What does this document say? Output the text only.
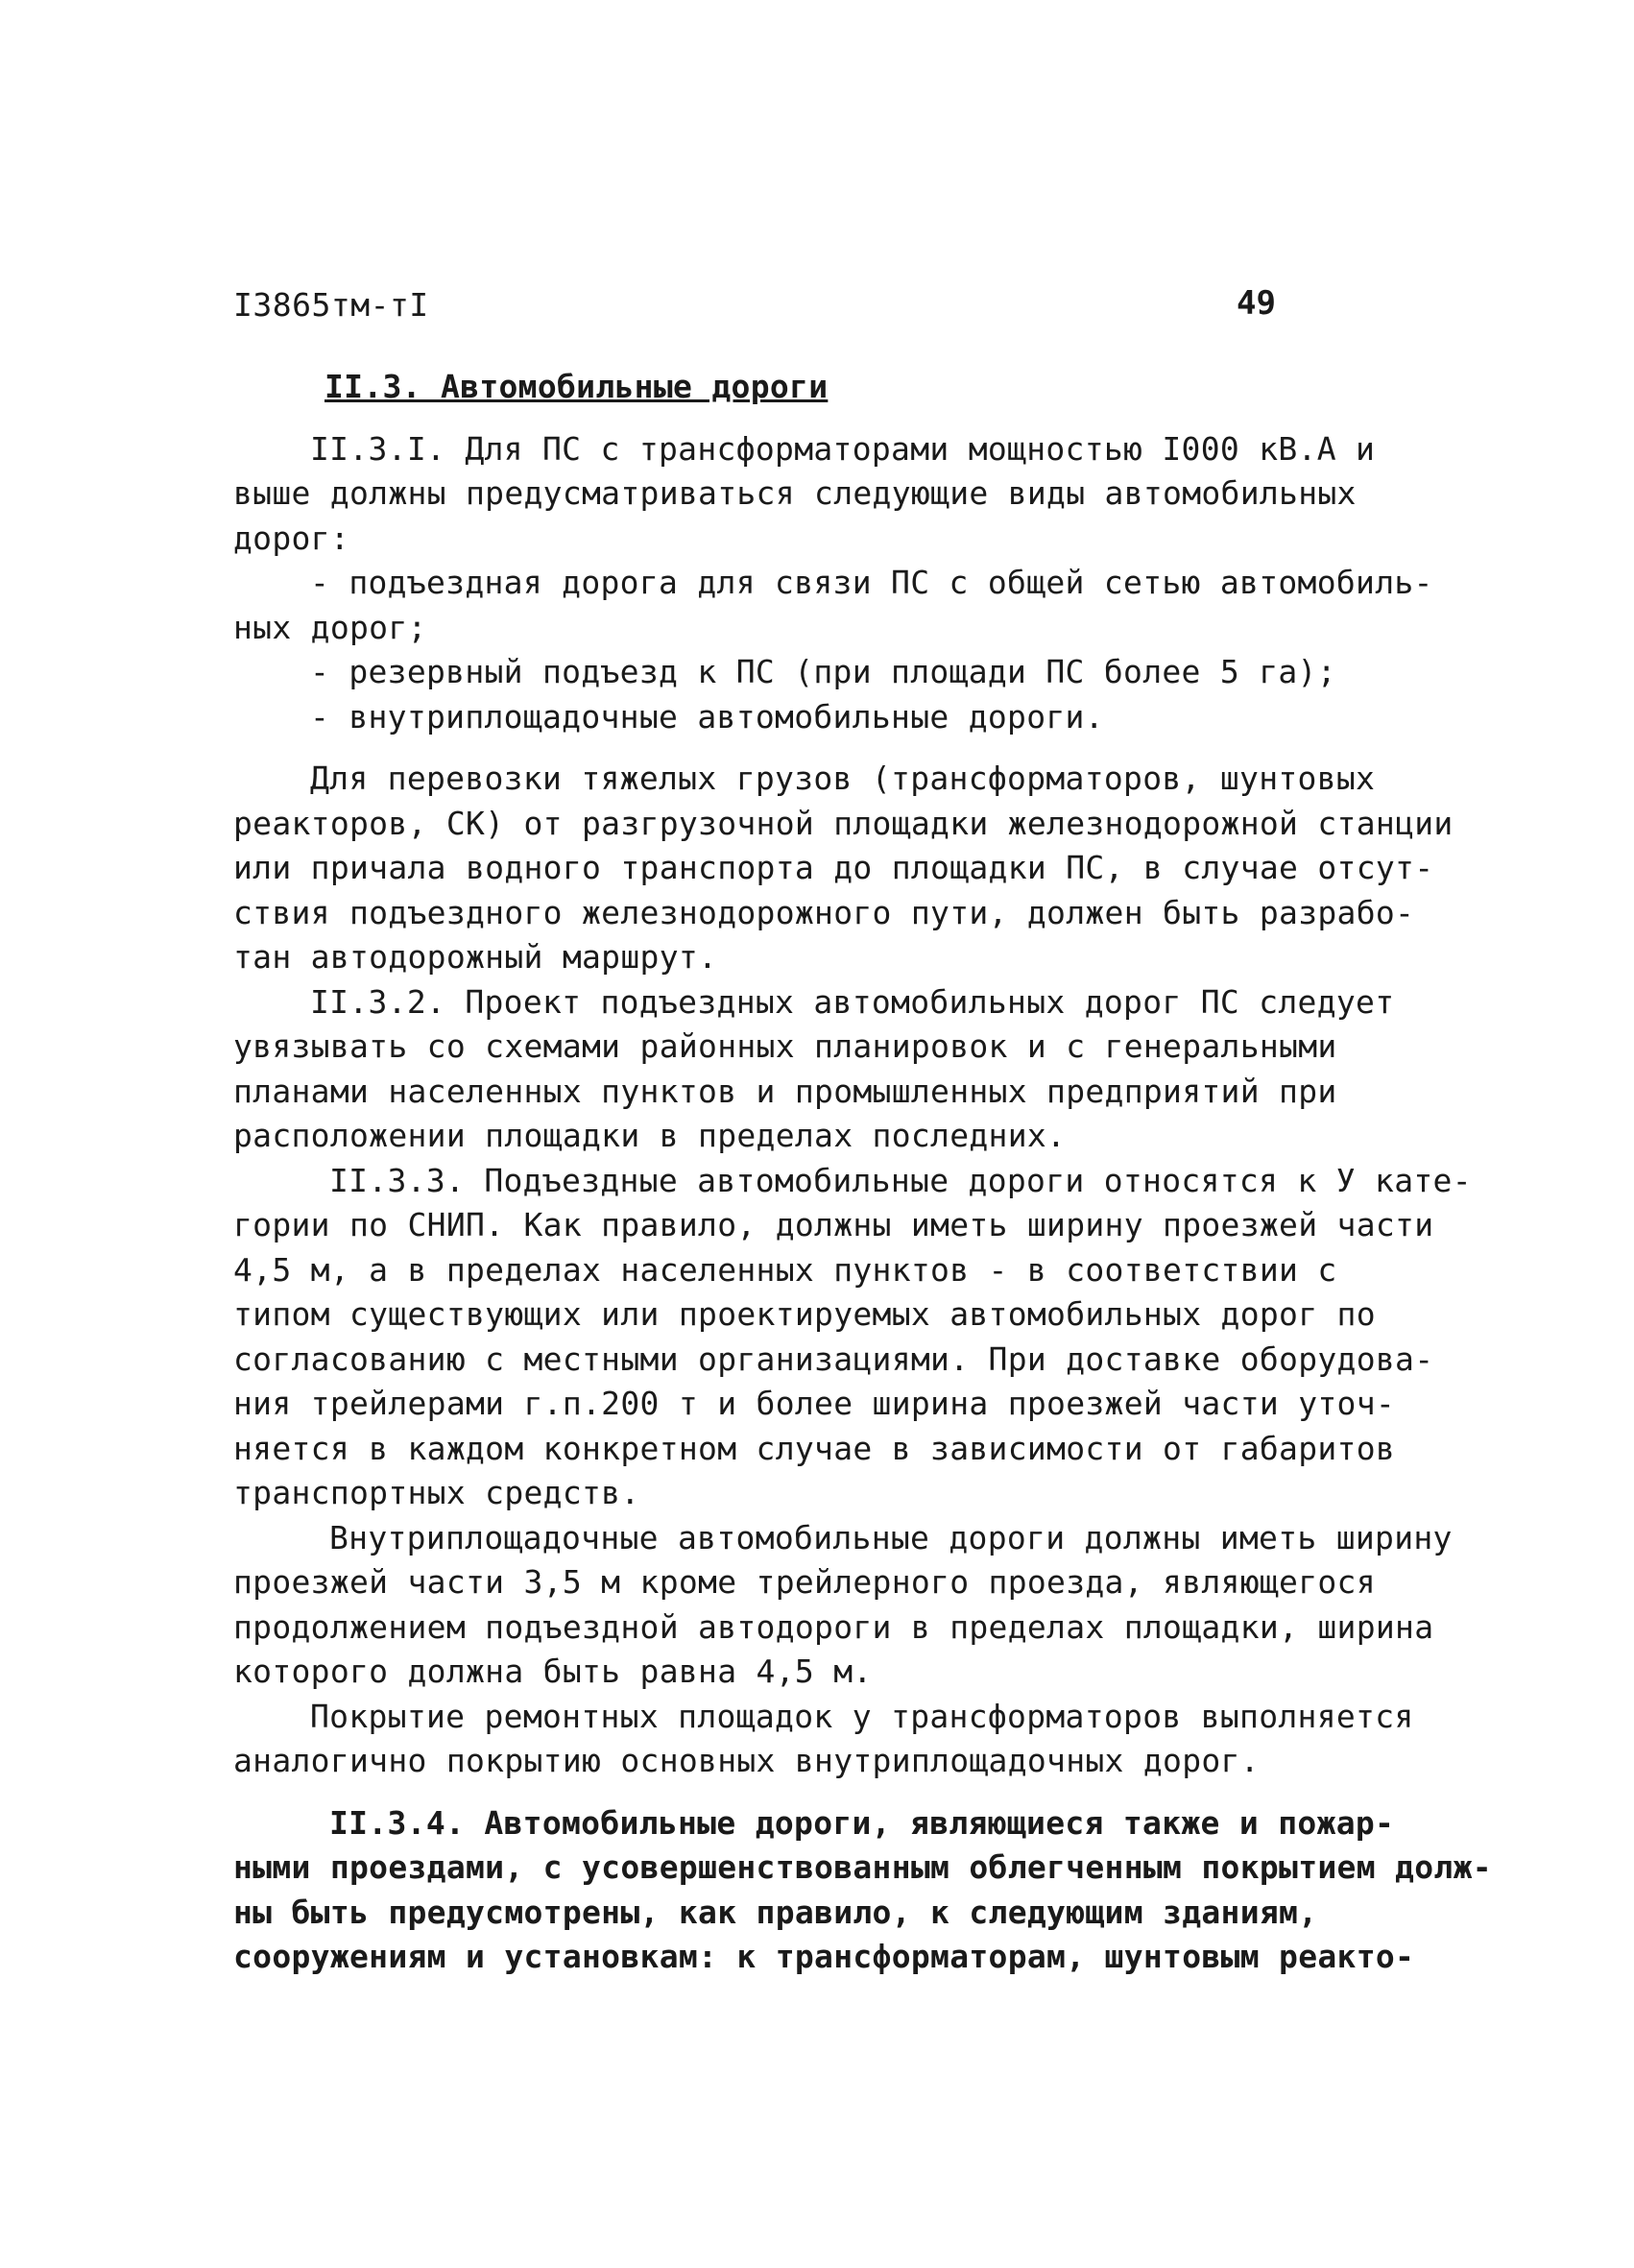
I3865тм-тI	49
II.3. Автомобильные дороги
II.3.I. Для ПС с трансформаторами мощностью I000 кВ.А и
выше должны предусматриваться следующие виды автомобильных
дорог:
- подъездная дорога для связи ПС с общей сетью автомобиль-
ных дорог;
- резервный подъезд к ПС (при площади ПС более 5 га);
- внутриплощадочные автомобильные дороги.
Для перевозки тяжелых грузов (трансформаторов, шунтовых
реакторов, СК) от разгрузочной площадки железнодорожной станции
или причала водного транспорта до площадки ПС, в случае отсут-
ствия подъездного железнодорожного пути, должен быть разрабо-
тан автодорожный маршрут.
II.3.2. Проект подъездных автомобильных дорог ПС следует
увязывать со схемами районных планировок и с генеральными
планами населенных пунктов и промышленных предприятий при
расположении площадки в пределах последних.
II.3.3. Подъездные автомобильные дороги относятся к У кате-
гории по СНИП. Как правило, должны иметь ширину проезжей части
4,5 м, а в пределах населенных пунктов - в соответствии с
типом существующих или проектируемых автомобильных дорог по
согласованию с местными организациями. При доставке оборудова-
ния трейлерами г.п.200 т и более ширина проезжей части уточ-
няется в каждом конкретном случае в зависимости от габаритов
транспортных средств.
Внутриплощадочные автомобильные дороги должны иметь ширину
проезжей части 3,5 м кроме трейлерного проезда, являющегося
продолжением подъездной автодороги в пределах площадки, ширина
которого должна быть равна 4,5 м.
Покрытие ремонтных площадок у трансформаторов выполняется
аналогично покрытию основных внутриплощадочных дорог.
II.3.4. Автомобильные дороги, являющиеся также и пожар-
ными проездами, с усовершенствованным облегченным покрытием долж-
ны быть предусмотрены, как правило, к следующим зданиям,
сооружениям и установкам: к трансформаторам, шунтовым реакто-
